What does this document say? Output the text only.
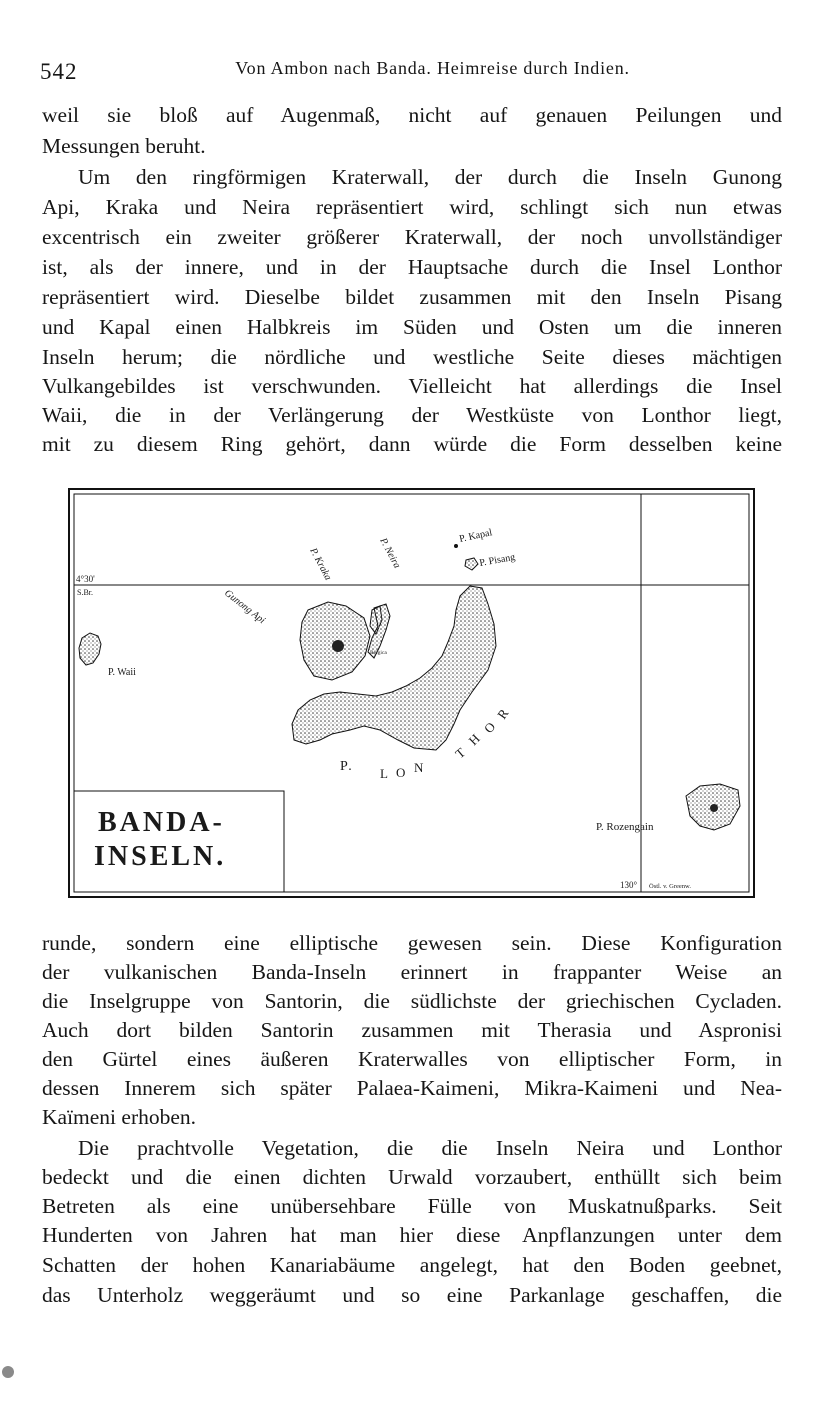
542	Von Ambon nach Banda. Heimreise durch Indien.
weil sie bloß auf Augenmaß, nicht auf genauen Peilungen und
Messungen beruht.
Um den ringförmigen Kraterwall, der durch die Inseln Gunong
Api, Kraka und Neira repräsentiert wird, schlingt sich nun etwas
excentrisch ein zweiter größerer Kraterwall, der noch unvollständiger
ist, als der innere, und in der Hauptsache durch die Insel Lonthor
repräsentiert wird. Dieselbe bildet zusammen mit den Inseln Pisang
und Kapal einen Halbkreis im Süden und Osten um die inneren
Inseln herum; die nördliche und westliche Seite dieses mächtigen
Vulkangebildes ist verschwunden. Vielleicht hat allerdings die Insel
Waii, die in der Verlängerung der Westküste von Lonthor liegt,
mit zu diesem Ring gehört, dann würde die Form desselben keine
4°30'
S.Br.
130° Östl. v. Greenw.
BANDA-
INSELN.
P. Waii
Gunong Api
P. Kraka	P. Neira
Belgica
P. L O N
T
H
O
R
P. Kapal
P. Pisang
P. Rozengain
runde, sondern eine elliptische gewesen sein. Diese Konfiguration
der vulkanischen Banda-Inseln erinnert in frappanter Weise an
die Inselgruppe von Santorin, die südlichste der griechischen Cycladen.
Auch dort bilden Santorin zusammen mit Therasia und Aspronisi
den Gürtel eines äußeren Kraterwalles von elliptischer Form, in
dessen Innerem sich später Palaea-Kaimeni, Mikra-Kaimeni und Nea-
Kaïmeni erhoben.
Die prachtvolle Vegetation, die die Inseln Neira und Lonthor
bedeckt und die einen dichten Urwald vorzaubert, enthüllt sich beim
Betreten als eine unübersehbare Fülle von Muskatnußparks. Seit
Hunderten von Jahren hat man hier diese Anpflanzungen unter dem
Schatten der hohen Kanariabäume angelegt, hat den Boden geebnet,
das Unterholz weggeräumt und so eine Parkanlage geschaffen, die
